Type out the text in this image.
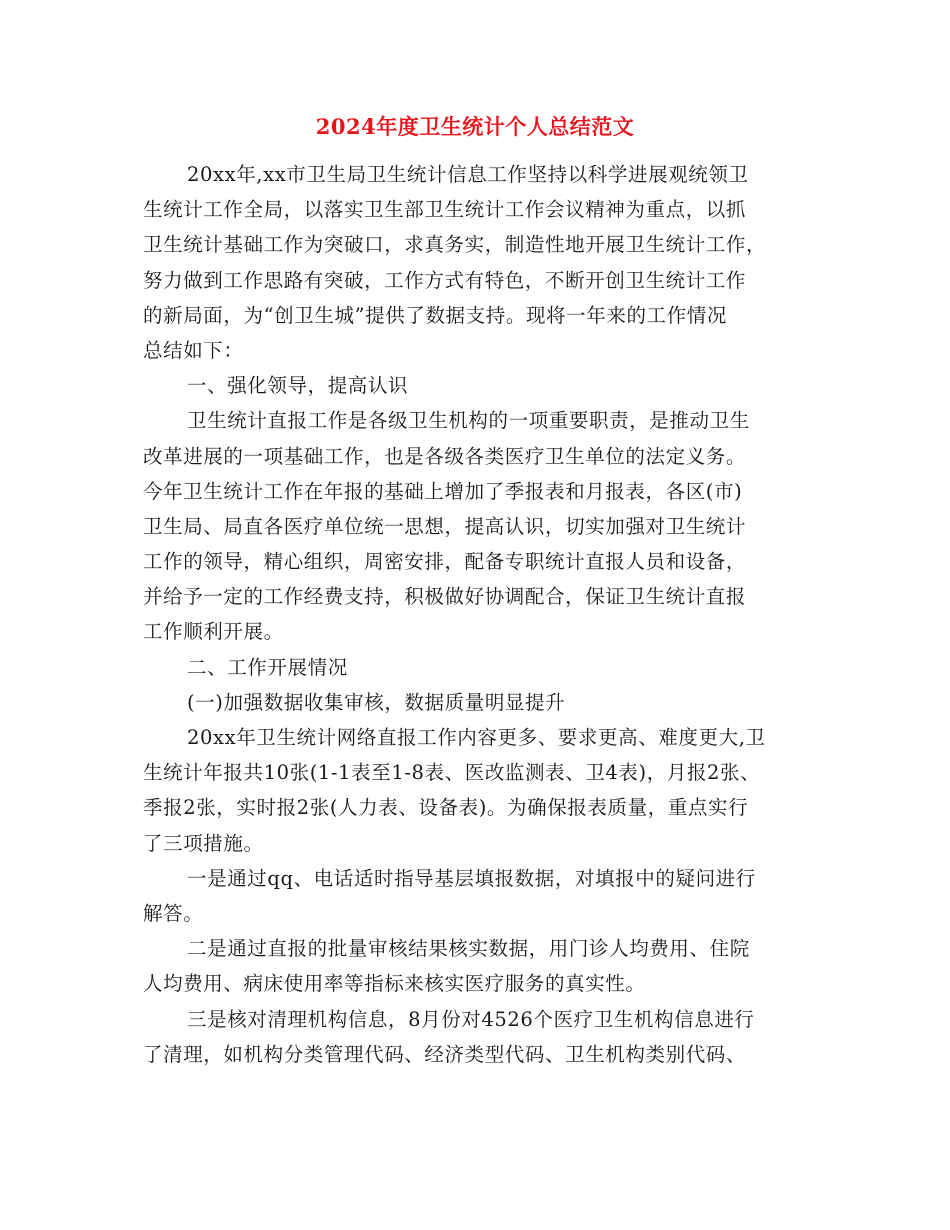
2024年度卫生统计个人总结范文
20xx年,xx市卫生局卫生统计信息工作坚持以科学进展观统领卫
生统计工作全局，以落实卫生部卫生统计工作会议精神为重点，以抓
卫生统计基础工作为突破口，求真务实，制造性地开展卫生统计工作，
努力做到工作思路有突破，工作方式有特色，不断开创卫生统计工作
的新局面，为“创卫生城”提供了数据支持。现将一年来的工作情况
总结如下：
一、强化领导，提高认识
卫生统计直报工作是各级卫生机构的一项重要职责，是推动卫生
改革进展的一项基础工作，也是各级各类医疗卫生单位的法定义务。
今年卫生统计工作在年报的基础上增加了季报表和月报表，各区(市)
卫生局、局直各医疗单位统一思想，提高认识，切实加强对卫生统计
工作的领导，精心组织，周密安排，配备专职统计直报人员和设备，
并给予一定的工作经费支持，积极做好协调配合，保证卫生统计直报
工作顺利开展。
二、工作开展情况
(一)加强数据收集审核，数据质量明显提升
20xx年卫生统计网络直报工作内容更多、要求更高、难度更大,卫
生统计年报共10张(1-1表至1-8表、医改监测表、卫4表)，月报2张、
季报2张，实时报2张(人力表、设备表)。为确保报表质量，重点实行
了三项措施。
一是通过qq、电话适时指导基层填报数据，对填报中的疑问进行
解答。
二是通过直报的批量审核结果核实数据，用门诊人均费用、住院
人均费用、病床使用率等指标来核实医疗服务的真实性。
三是核对清理机构信息，8月份对4526个医疗卫生机构信息进行
了清理，如机构分类管理代码、经济类型代码、卫生机构类别代码、
